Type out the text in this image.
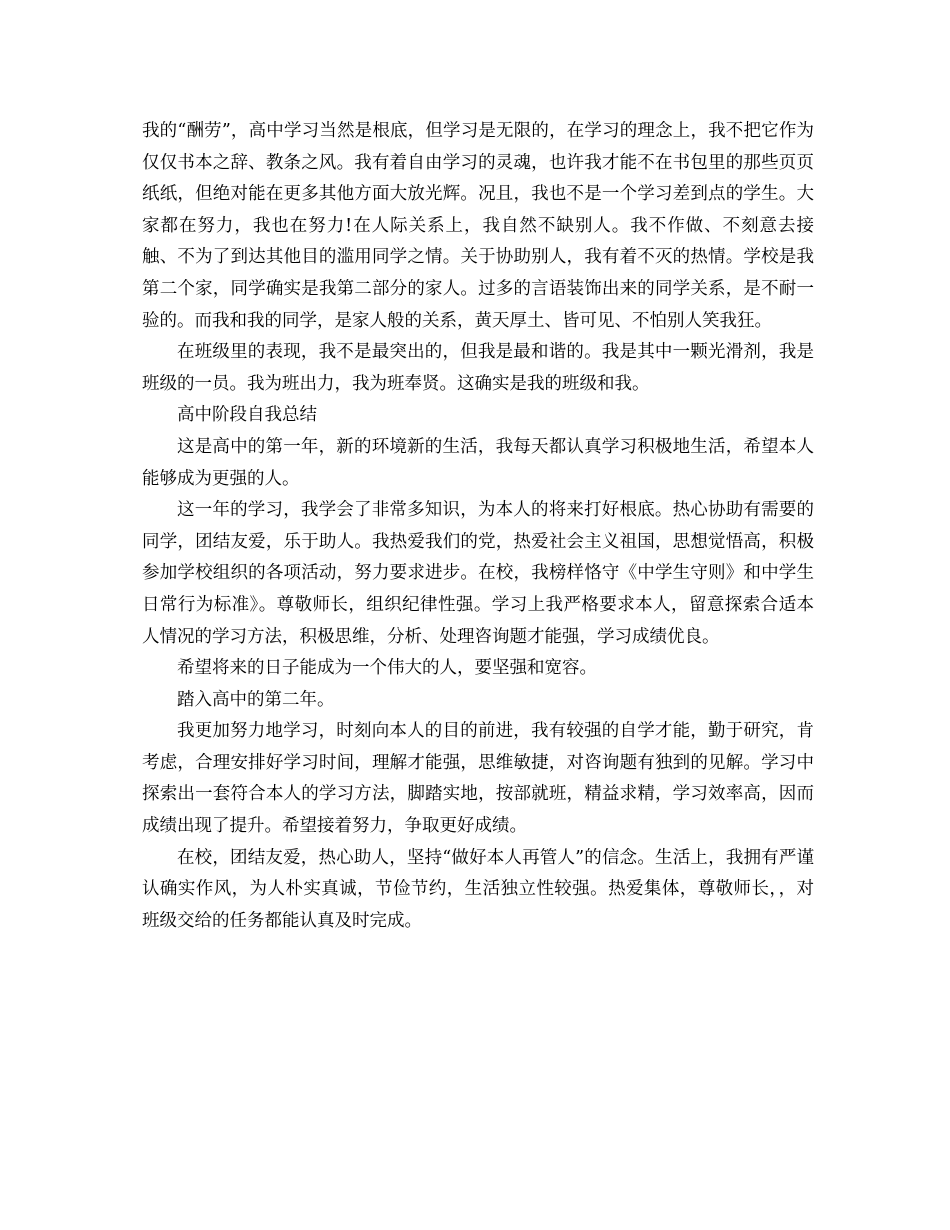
我的“酬劳”，高中学习当然是根底，但学习是无限的，在学习的理念上，我不把它作为仅仅书本之辞、教条之风。我有着自由学习的灵魂，也许我才能不在书包里的那些页页纸纸，但绝对能在更多其他方面大放光辉。况且，我也不是一个学习差到点的学生。大家都在努力，我也在努力!在人际关系上，我自然不缺别人。我不作做、不刻意去接触、不为了到达其他目的滥用同学之情。关于协助别人，我有着不灭的热情。学校是我第二个家，同学确实是我第二部分的家人。过多的言语装饰出来的同学关系，是不耐一验的。而我和我的同学，是家人般的关系，黄天厚土、皆可见、不怕别人笑我狂。

在班级里的表现，我不是最突出的，但我是最和谐的。我是其中一颗光滑剂，我是班级的一员。我为班出力，我为班奉贤。这确实是我的班级和我。

高中阶段自我总结

这是高中的第一年，新的环境新的生活，我每天都认真学习积极地生活，希望本人能够成为更强的人。

这一年的学习，我学会了非常多知识，为本人的将来打好根底。热心协助有需要的同学，团结友爱，乐于助人。我热爱我们的党，热爱社会主义祖国，思想觉悟高，积极参加学校组织的各项活动，努力要求进步。在校，我榜样恪守《中学生守则》和中学生日常行为标准》。尊敬师长，组织纪律性强。学习上我严格要求本人，留意探索合适本人情况的学习方法，积极思维，分析、处理咨询题才能强，学习成绩优良。

希望将来的日子能成为一个伟大的人，要坚强和宽容。

踏入高中的第二年。

我更加努力地学习，时刻向本人的目的前进，我有较强的自学才能，勤于研究，肯考虑，合理安排好学习时间，理解才能强，思维敏捷，对咨询题有独到的见解。学习中探索出一套符合本人的学习方法，脚踏实地，按部就班，精益求精，学习效率高，因而成绩出现了提升。希望接着努力，争取更好成绩。

在校，团结友爱，热心助人，坚持“做好本人再管人”的信念。生活上，我拥有严谨认确实作风，为人朴实真诚，节俭节约，生活独立性较强。热爱集体，尊敬师长，，对班级交给的任务都能认真及时完成。
